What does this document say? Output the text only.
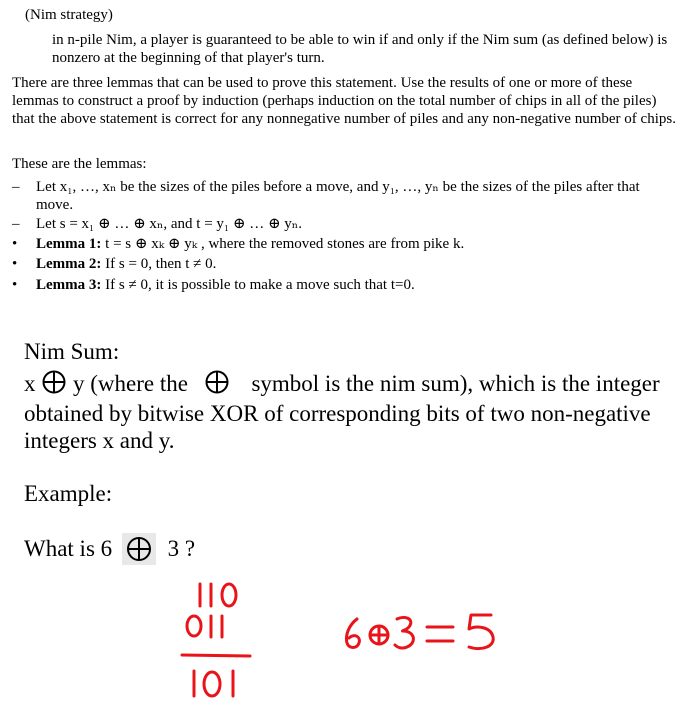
(Nim strategy)
in n-pile Nim, a player is guaranteed to be able to win if and only if the Nim sum (as defined below) is nonzero at the beginning of that player's turn.
There are three lemmas that can be used to prove this statement. Use the results of one or more of these lemmas to construct a proof by induction (perhaps induction on the total number of chips in all of the piles) that the above statement is correct for any nonnegative number of piles and any non-negative number of chips.
These are the lemmas:
–	Let x₁, …, xₙ be the sizes of the piles before a move, and y₁, …, yₙ be the sizes of the piles after that move.
–	Let s = x₁ ⊕ … ⊕ xₙ, and t = y₁ ⊕ … ⊕ yₙ.
•	Lemma 1: t = s ⊕ xₖ ⊕ yₖ , where the removed stones are from pike k.
•	Lemma 2: If s = 0, then t ≠ 0.
•	Lemma 3: If s ≠ 0, it is possible to make a move such that t=0.
Nim Sum:
x y (where the	symbol is the nim sum), which is the integer obtained by bitwise XOR of corresponding bits of two non-negative integers x and y.
Example:
What is 6 3 ?
